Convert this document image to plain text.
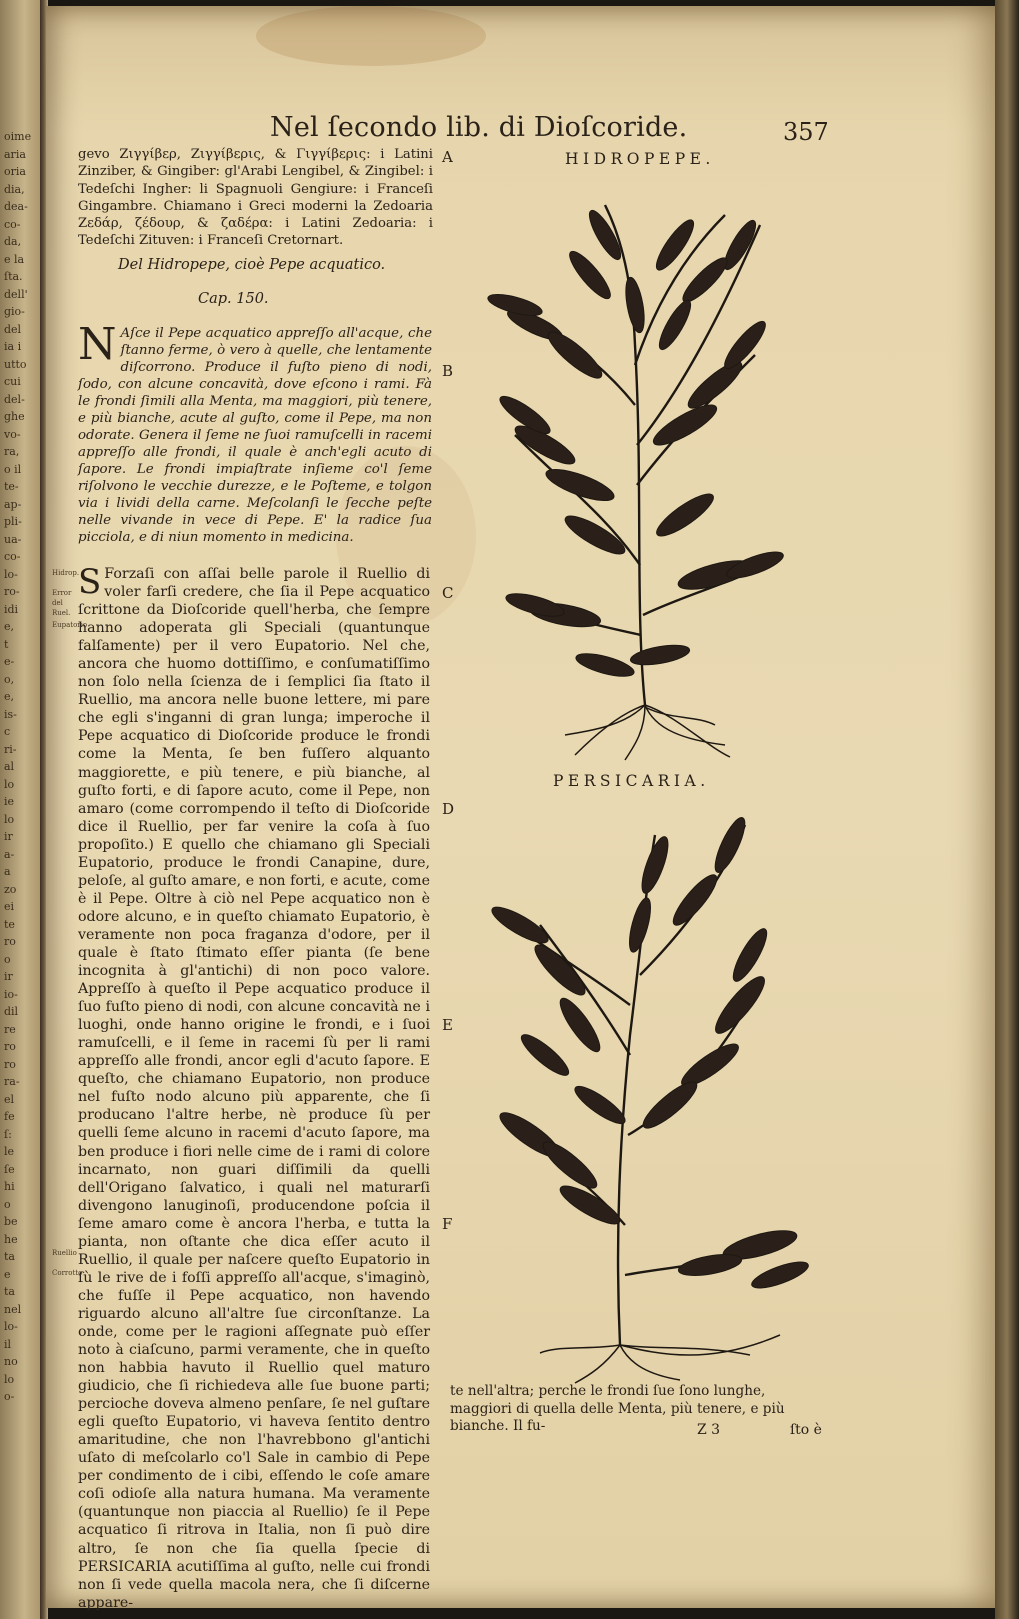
oime
aria
oria
dia,
dea-
co-
da,
e la
ſta.
dell'
gio-
del
ia i
utto
cui
del-
ghe
vo-
ra,
o il
te-
ap-
pli-
ua-
co-
lo-
ro-
idi
e,
t
e-
o,
e,
is-
c
ri-
al
lo
ie
lo
ir
a-
a
zo
ei
te
ro
o
ir
io-
dil
re
ro
ro
ra-
el
fe
ſ:
le
ſe
hi
o
be
he
ta
e
ta
nel
lo-
il
no
lo
o-
Nel ſecondo lib. di Dioſcoride.	357

gevo Ζιγγίβερ, Ζιγγίβερις, & Γιγγίβερις: i Latini Zinziber, & Gingiber: gl'Arabi Lengibel, & Zingibel: i Tedeſchi Ingher: li Spagnuoli Gengiure: i Franceſi Gingambre. Chiamano i Greci moderni la Zedoaria Ζεδάρ, ζέδουρ, & ζαδέρα: i Latini Zedoaria: i Tedeſchi Zituven: i Franceſi Cretornart.

Del Hidropepe, cioè Pepe acquatico.
Cap. 150.
N Aſce il Pepe acquatico appreſſo all'acque, che ſtanno ferme, ò vero à quelle, che lentamente diſcorrono. Produce il fuſto pieno di nodi, ſodo, con alcune concavità, dove eſcono i rami. Fà le frondi ſimili alla Menta, ma maggiori, più tenere, e più bianche, acute al guſto, come il Pepe, ma non odorate. Genera il ſeme ne ſuoi ramuſcelli in racemi appreſſo alle frondi, il quale è anch'egli acuto di ſapore. Le frondi impiaſtrate inſieme co'l ſeme riſolvono le vecchie durezze, e le Poſteme, e tolgon via i lividi della carne. Meſcolanſi le ſecche peſte nelle vivande in vece di Pepe. E' la radice ſua picciola, e di niun momento in medicina.
S Forzaſi con aſſai belle parole il Ruellio di voler farſi credere, che ſia il Pepe acquatico ſcrittone da Dioſcoride quell'herba, che ſempre hanno adoperata gli Speciali (quantunque falſamente) per il vero Eupatorio. Nel che, ancora che huomo dottiſſimo, e conſumatiſſimo non ſolo nella ſcienza de i ſemplici ſia ſtato il Ruellio, ma ancora nelle buone lettere, mi pare che egli s'inganni di gran lunga; imperoche il Pepe acquatico di Dioſcoride produce le frondi come la Menta, ſe ben fuſſero alquanto maggiorette, e più tenere, e più bianche, al guſto forti, e di ſapore acuto, come il Pepe, non amaro (come corrompendo il teſto di Dioſcoride dice il Ruellio, per far venire la coſa à ſuo propoſito.) E quello che chiamano gli Speciali Eupatorio, produce le frondi Canapine, dure, peloſe, al guſto amare, e non forti, e acute, come è il Pepe. Oltre à ciò nel Pepe acquatico non è odore alcuno, e in queſto chiamato Eupatorio, è veramente non poca fraganza d'odore, per il quale è ſtato ſtimato eſſer pianta (ſe bene incognita à gl'antichi) di non poco valore. Appreſſo à queſto il Pepe acquatico produce il ſuo fuſto pieno di nodi, con alcune concavità ne i luoghi, onde hanno origine le frondi, e i ſuoi ramuſcelli, e il ſeme in racemi ſù per li rami appreſſo alle frondi, ancor egli d'acuto ſapore. E queſto, che chiamano Eupatorio, non produce nel fuſto nodo alcuno più apparente, che ſi producano l'altre herbe, nè produce ſù per quelli ſeme alcuno in racemi d'acuto ſapore, ma ben produce i fiori nelle cime de i rami di colore incarnato, non guari diſſimili da quelli dell'Origano ſalvatico, i quali nel maturarſi divengono lanuginoſi, producendone poſcia il ſeme amaro come è ancora l'herba, e tutta la pianta, non oſtante che dica eſſer acuto il Ruellio, il quale per naſcere queſto Eupatorio in ſù le rive de i foſſi appreſſo all'acque, s'imaginò, che fuſſe il Pepe acquatico, non havendo riguardo alcuno all'altre ſue circonſtanze. La onde, come per le ragioni aſſegnate può eſſer noto à ciaſcuno, parmi veramente, che in queſto non habbia havuto il Ruellio quel maturo giudicio, che ſi richiedeva alle ſue buone parti; percioche doveva almeno penſare, ſe nel guſtare egli queſto Eupatorio, vi haveva ſentito dentro amaritudine, che non l'havrebbono gl'antichi uſato di meſcolarlo co'l Sale in cambio di Pepe per condimento de i cibi, eſſendo le coſe amare coſi odioſe alla natura humana. Ma veramente (quantunque non piaccia al Ruellio) ſe il Pepe acquatico ſi ritrova in Italia, non ſi può dire altro, ſe non che ſia quella ſpecie di PERSICARIA acutiſſima al guſto, nelle cui frondi non ſi vede quella macola nera, che ſi diſcerne appare-
Hidrop.
Error del Ruel.
Eupatorio
Ruellio
Corrotto
A
B
C
D
E
F
HIDROPEPE.
PERSICARIA.
te nell'altra; perche le frondi ſue ſono lunghe, maggiori di quella delle Menta, più tenere, e più bianche. Il fu-	Z 3	ſto è
